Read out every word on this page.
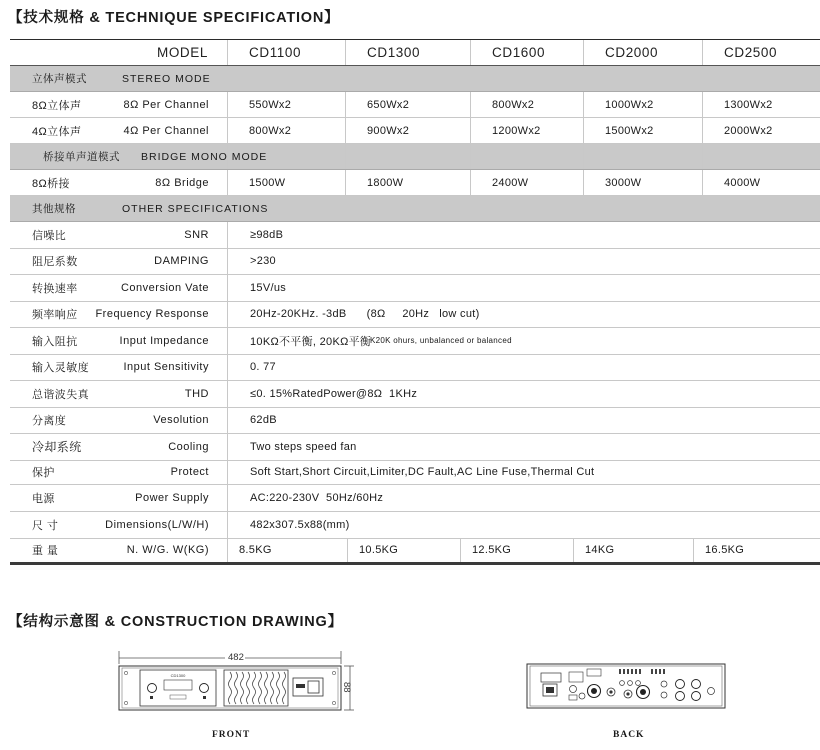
【技术规格 & TECHNIQUE SPECIFICATION】
MODEL	CD1100	CD1300	CD1600	CD2000	CD2500
立体声模式	STEREO MODE
8Ω立体声	8Ω Per Channel	550Wx2	650Wx2	800Wx2	1000Wx2	1300Wx2
4Ω立体声	4Ω Per Channel	800Wx2	900Wx2	1200Wx2	1500Wx2	2000Wx2
桥接单声道模式 BRIDGE MONO MODE
8Ω桥接	8Ω Bridge	1500W	1800W	2400W	3000W	4000W
其他规格	OTHER SPECIFICATIONS
信噪比	SNR	≥98dB
阻尼系数	DAMPING	>230
转换速率	Conversion Vate	15V/us
频率响应	Frequency Response	20Hz-20KHz. -3dB      (8Ω     20Hz   low cut)
输入阻抗	Input Impedance	10KΩ不平衡, 20KΩ平衡
K20K ohurs, unbalanced or balanced
输入灵敏度	Input Sensitivity	0. 77
总谐波失真	THD	≤0. 15%RatedPower@8Ω  1KHz
分离度	Vesolution	62dB
冷却系统	Cooling	Two steps speed fan
保护	Protect	Soft Start,Short Circuit,Limiter,DC Fault,AC Line Fuse,Thermal Cut
电源	Power Supply	AC:220-230V  50Hz/60Hz
尺 寸	Dimensions(L/W/H)	482x307.5x88(mm)
重 量	N. W/G. W(KG)	8.5KG	10.5KG	12.5KG	14KG	16.5KG
【结构示意图 & CONSTRUCTION DRAWING】
CD1300
482
88
FRONT	BACK
